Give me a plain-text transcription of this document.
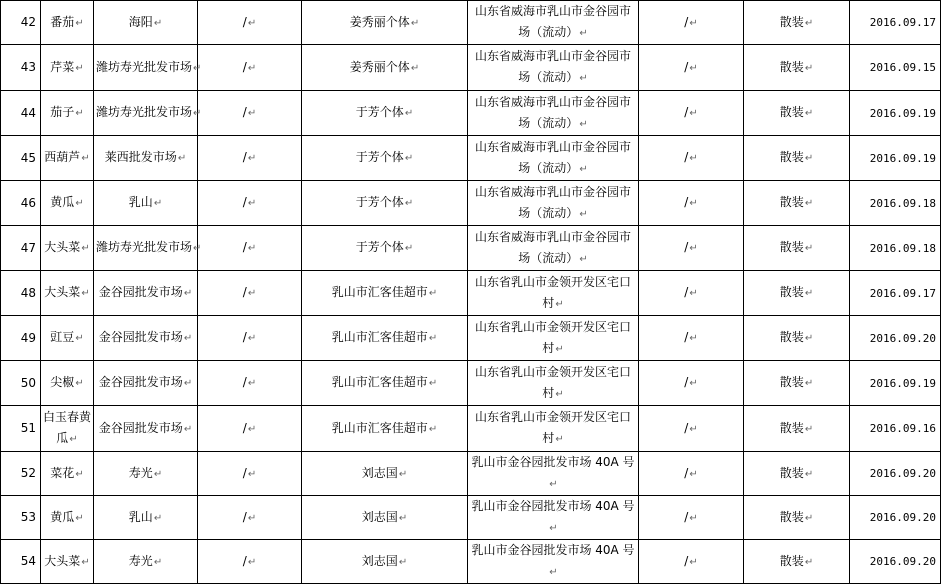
42	番茄↵	海阳↵	/↵	姜秀丽个体↵	山东省威海市乳山市金谷园市场（流动）↵	/↵	散装↵	2016.09.17
43	芹菜↵	潍坊寿光批发市场↵	/↵	姜秀丽个体↵	山东省威海市乳山市金谷园市场（流动）↵	/↵	散装↵	2016.09.15
44	茄子↵	潍坊寿光批发市场↵	/↵	于芳个体↵	山东省威海市乳山市金谷园市场（流动）↵	/↵	散装↵	2016.09.19
45	西葫芦↵	莱西批发市场↵	/↵	于芳个体↵	山东省威海市乳山市金谷园市场（流动）↵	/↵	散装↵	2016.09.19
46	黄瓜↵	乳山↵	/↵	于芳个体↵	山东省威海市乳山市金谷园市场（流动）↵	/↵	散装↵	2016.09.18
47	大头菜↵	潍坊寿光批发市场↵	/↵	于芳个体↵	山东省威海市乳山市金谷园市场（流动）↵	/↵	散装↵	2016.09.18
48	大头菜↵	金谷园批发市场↵	/↵	乳山市汇客佳超市↵	山东省乳山市金领开发区宅口村↵	/↵	散装↵	2016.09.17
49	豇豆↵	金谷园批发市场↵	/↵	乳山市汇客佳超市↵	山东省乳山市金领开发区宅口村↵	/↵	散装↵	2016.09.20
50	尖椒↵	金谷园批发市场↵	/↵	乳山市汇客佳超市↵	山东省乳山市金领开发区宅口村↵	/↵	散装↵	2016.09.19
51	白玉春黄瓜↵	金谷园批发市场↵	/↵	乳山市汇客佳超市↵	山东省乳山市金领开发区宅口村↵	/↵	散装↵	2016.09.16
52	菜花↵	寿光↵	/↵	刘志国↵	乳山市金谷园批发市场 40A 号↵	/↵	散装↵	2016.09.20
53	黄瓜↵	乳山↵	/↵	刘志国↵	乳山市金谷园批发市场 40A 号↵	/↵	散装↵	2016.09.20
54	大头菜↵	寿光↵	/↵	刘志国↵	乳山市金谷园批发市场 40A 号↵	/↵	散装↵	2016.09.20
